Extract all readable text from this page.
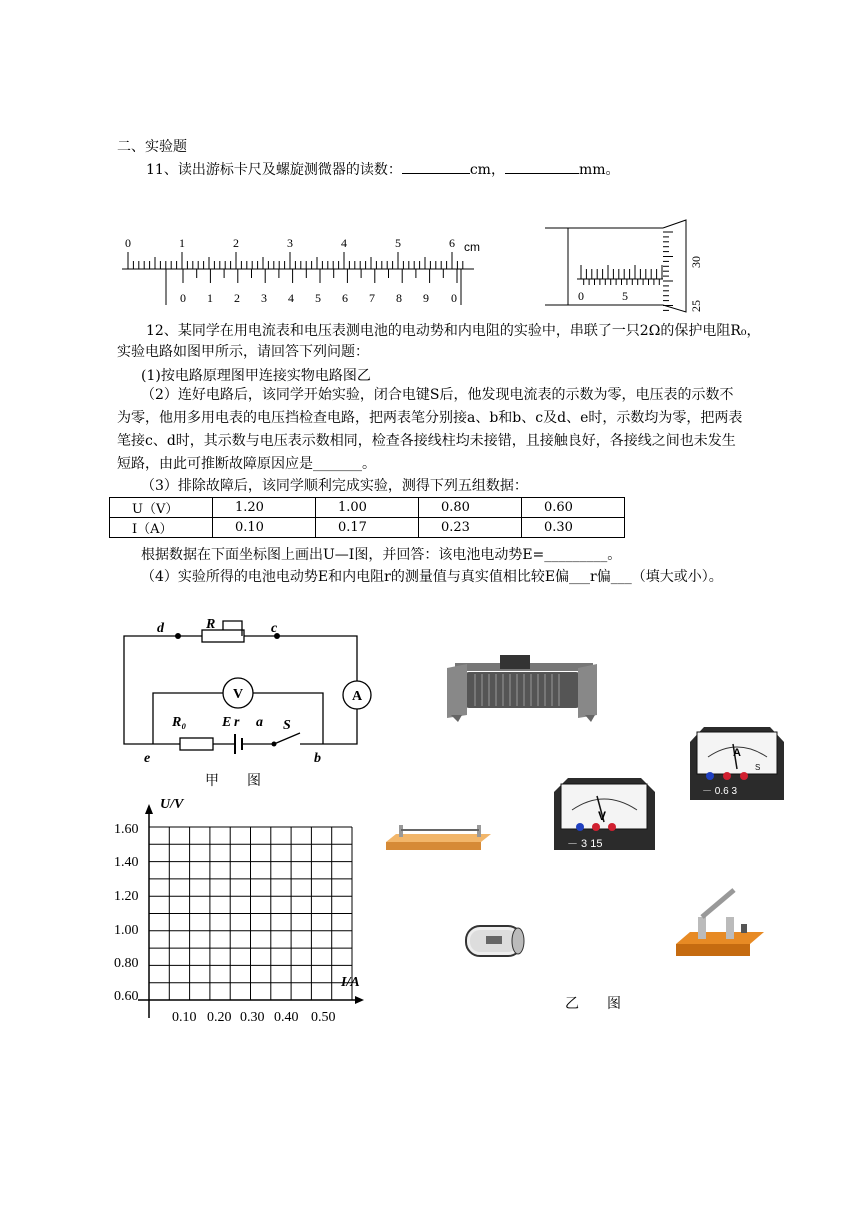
二、实验题
11、读出游标卡尺及螺旋测微器的读数：	cm，	mm。
0	1	2	3	4	5	6 cm
0 1 2 3 4 5 6 7 8 9 0	0	5
30
25
12、某同学在用电流表和电压表测电池的电动势和内电阻的实验中，串联了一只2Ω的保护电阻R₀，
实验电路如图甲所示，请回答下列问题：
(1)按电路原理图甲连接实物电路图乙
（2）连好电路后，该同学开始实验，闭合电键S后，他发现电流表的示数为零，电压表的示数不
为零，他用多用电表的电压挡检查电路，把两表笔分别接a、b和b、c及d、e时，示数均为零，把两表
笔接c、d时，其示数与电压表示数相同，检查各接线柱均未接错，且接触良好，各接线之间也未发生
短路，由此可推断故障原因应是_______。
（3）排除故障后，该同学顺利完成实验，测得下列五组数据：
U（V）	1.20	1.00	0.80	0.60
I（A）	0.10	0.17	0.23	0.30
根据数据在下面坐标图上画出U—I图，并回答：该电池电动势E=_________。
（4）实验所得的电池电动势E和内电阻r的测量值与真实值相比较E偏___r偏___（填大或小）。
d	R	c
V	A
R₀	E r a S
e	b
甲　　图
U/V
I/A
1.60
1.40
1.20
1.00
0.80
0.60
0.10 0.20 0.30 0.40 0.50
V
－ 3 15
A
－ 0.6 3
S
乙　　图
